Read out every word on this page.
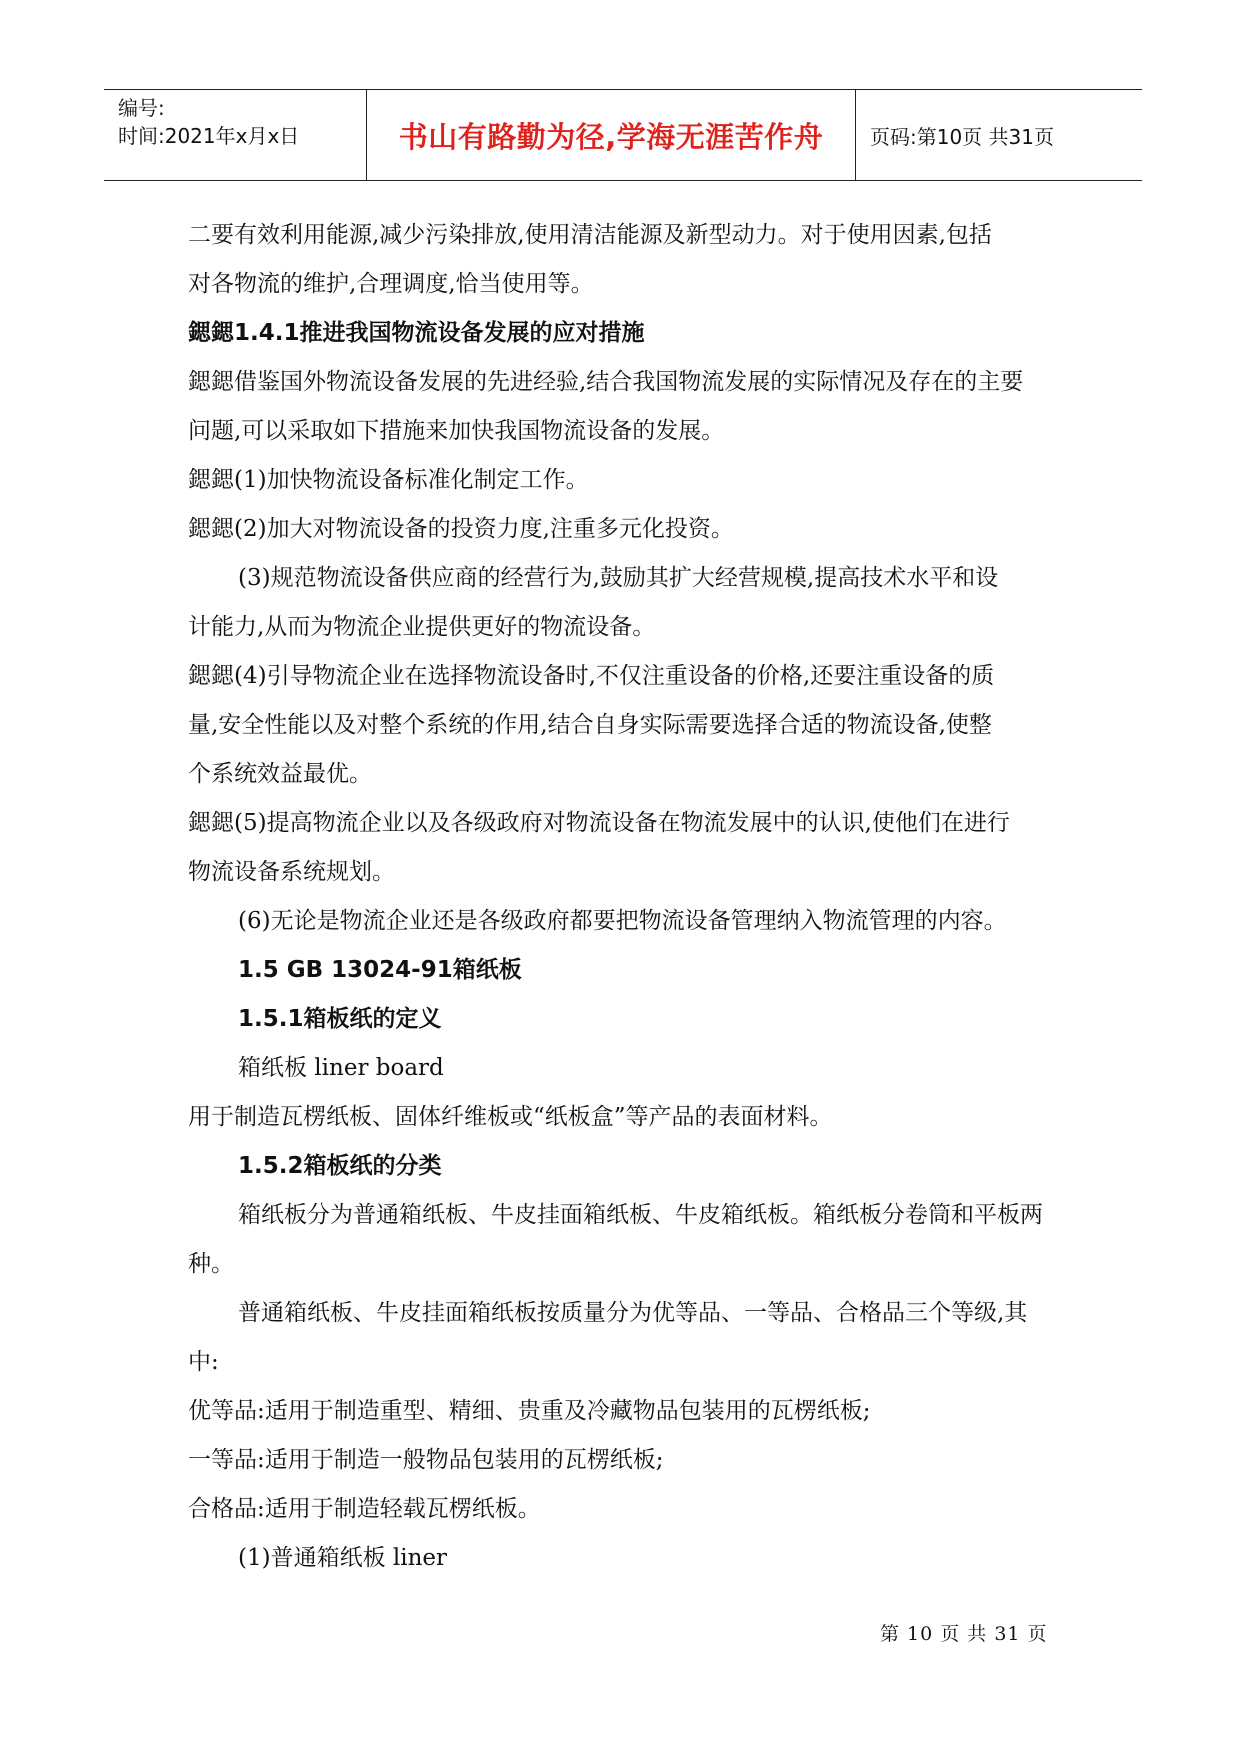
编号:
时间:2021年x月x日	书山有路勤为径,学海无涯苦作舟 页码:第10页 共31页

二要有效利用能源,减少污染排放,使用清洁能源及新型动力。对于使用因素,包括

对各物流的维护,合理调度,恰当使用等。

鍶鍶1.4.1推进我国物流设备发展的应对措施

鍶鍶借鉴国外物流设备发展的先进经验,结合我国物流发展的实际情况及存在的主要

问题,可以采取如下措施来加快我国物流设备的发展。

鍶鍶(1)加快物流设备标准化制定工作。

鍶鍶(2)加大对物流设备的投资力度,注重多元化投资。

(3)规范物流设备供应商的经营行为,鼓励其扩大经营规模,提高技术水平和设

计能力,从而为物流企业提供更好的物流设备。

鍶鍶(4)引导物流企业在选择物流设备时,不仅注重设备的价格,还要注重设备的质

量,安全性能以及对整个系统的作用,结合自身实际需要选择合适的物流设备,使整

个系统效益最优。

鍶鍶(5)提高物流企业以及各级政府对物流设备在物流发展中的认识,使他们在进行

物流设备系统规划。

(6)无论是物流企业还是各级政府都要把物流设备管理纳入物流管理的内容。

1.5 GB 13024-91箱纸板

1.5.1箱板纸的定义

箱纸板 liner board

用于制造瓦楞纸板、固体纤维板或“纸板盒”等产品的表面材料。

1.5.2箱板纸的分类

箱纸板分为普通箱纸板、牛皮挂面箱纸板、牛皮箱纸板。箱纸板分卷筒和平板两

种。

普通箱纸板、牛皮挂面箱纸板按质量分为优等品、一等品、合格品三个等级,其

中:

优等品:适用于制造重型、精细、贵重及冷藏物品包装用的瓦楞纸板;

一等品:适用于制造一般物品包装用的瓦楞纸板;

合格品:适用于制造轻载瓦楞纸板。

(1)普通箱纸板 liner

第 10 页 共 31 页
